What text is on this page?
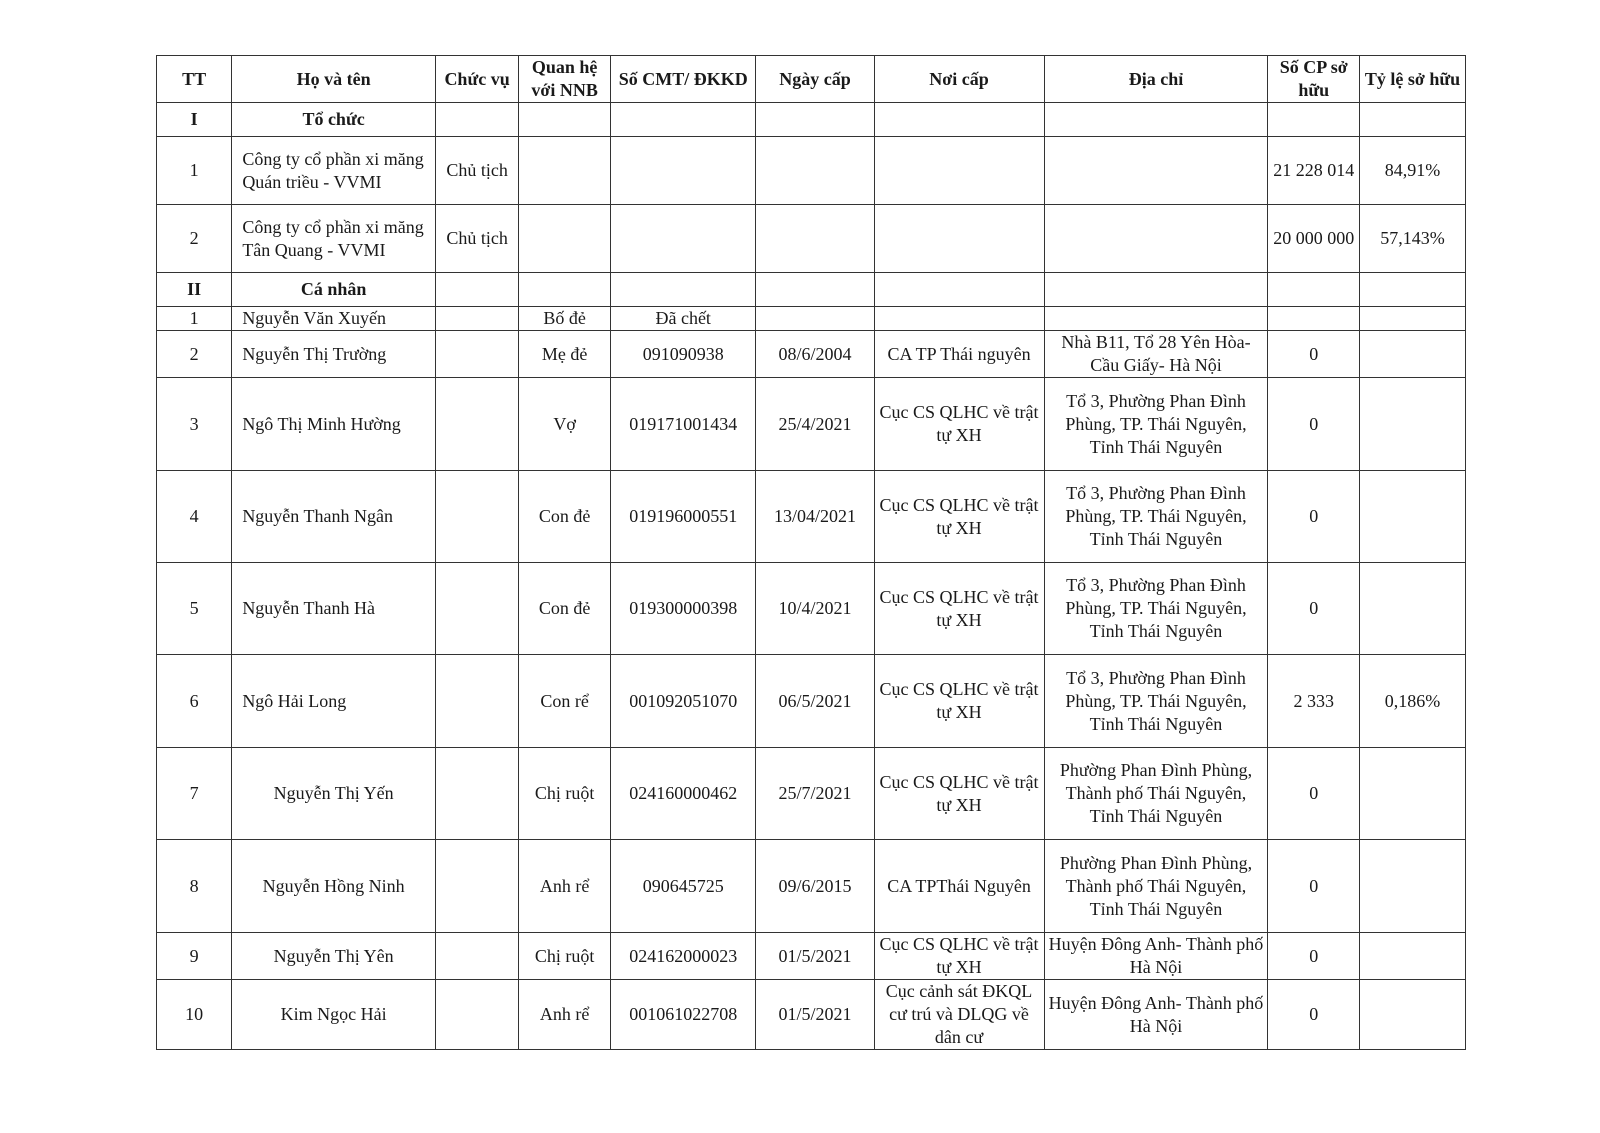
TT	Họ và tên	Chức vụ	Quan hệ với NNB	Số CMT/ ĐKKD	Ngày cấp	Nơi cấp	Địa chỉ	Số CP sở hữu	Tỷ lệ sở hữu
I	Tổ chức								
1	Công ty cổ phần xi măng Quán triều - VVMI	Chủ tịch						21 228 014	84,91%
2	Công ty cổ phần xi măng Tân Quang - VVMI	Chủ tịch						20 000 000	57,143%
II	Cá nhân								
1	Nguyễn Văn Xuyến		Bố đẻ	Đã chết					
2	Nguyễn Thị Trường		Mẹ đẻ	091090938	08/6/2004	CA TP Thái nguyên	Nhà B11, Tổ 28 Yên Hòa- Cầu Giấy- Hà Nội	0	
3	Ngô Thị Minh Hường		Vợ	019171001434	25/4/2021	Cục CS QLHC về trật tự XH	Tổ 3, Phường Phan Đình Phùng, TP. Thái Nguyên, Tỉnh Thái Nguyên	0	
4	Nguyễn Thanh Ngân		Con đẻ	019196000551	13/04/2021	Cục CS QLHC về trật tự XH	Tổ 3, Phường Phan Đình Phùng, TP. Thái Nguyên, Tỉnh Thái Nguyên	0	
5	Nguyễn Thanh Hà		Con đẻ	019300000398	10/4/2021	Cục CS QLHC về trật tự XH	Tổ 3, Phường Phan Đình Phùng, TP. Thái Nguyên, Tỉnh Thái Nguyên	0	
6	Ngô Hải Long		Con rể	001092051070	06/5/2021	Cục CS QLHC về trật tự XH	Tổ 3, Phường Phan Đình Phùng, TP. Thái Nguyên, Tỉnh Thái Nguyên	2 333	0,186%
7	Nguyễn Thị Yến		Chị ruột	024160000462	25/7/2021	Cục CS QLHC về trật tự XH	Phường Phan Đình Phùng, Thành phố Thái Nguyên, Tỉnh Thái Nguyên	0	
8	Nguyễn Hồng Ninh		Anh rể	090645725	09/6/2015	CA TPThái Nguyên	Phường Phan Đình Phùng, Thành phố Thái Nguyên, Tỉnh Thái Nguyên	0	
9	Nguyễn Thị Yên		Chị ruột	024162000023	01/5/2021	Cục CS QLHC về trật tự XH	Huyện Đông Anh- Thành phố Hà Nội	0	
10	Kim Ngọc Hải		Anh rể	001061022708	01/5/2021	Cục cảnh sát ĐKQL cư trú và DLQG về dân cư	Huyện Đông Anh- Thành phố Hà Nội	0	
